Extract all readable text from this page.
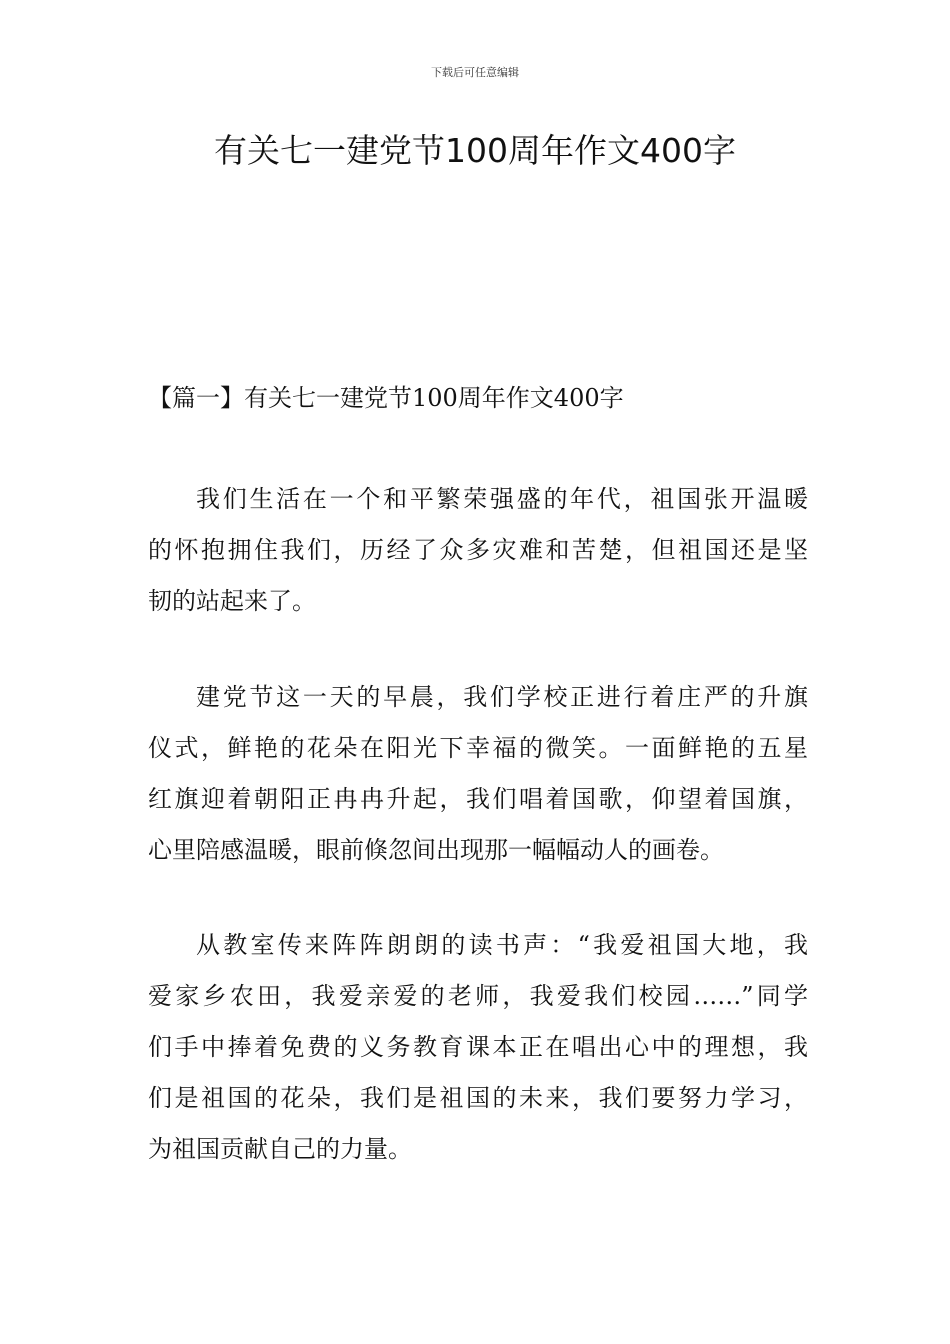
下载后可任意编辑
有关七一建党节100周年作文400字
【篇一】有关七一建党节100周年作文400字
我们生活在一个和平繁荣强盛的年代，祖国张开温暖
的怀抱拥住我们，历经了众多灾难和苦楚，但祖国还是坚
韧的站起来了。
建党节这一天的早晨，我们学校正进行着庄严的升旗
仪式，鲜艳的花朵在阳光下幸福的微笑。一面鲜艳的五星
红旗迎着朝阳正冉冉升起，我们唱着国歌，仰望着国旗，
心里陪感温暖，眼前倏忽间出现那一幅幅动人的画卷。
从教室传来阵阵朗朗的读书声：“我爱祖国大地，我
爱家乡农田，我爱亲爱的老师，我爱我们校园……”同学
们手中捧着免费的义务教育课本正在唱出心中的理想，我
们是祖国的花朵，我们是祖国的未来，我们要努力学习，
为祖国贡献自己的力量。
